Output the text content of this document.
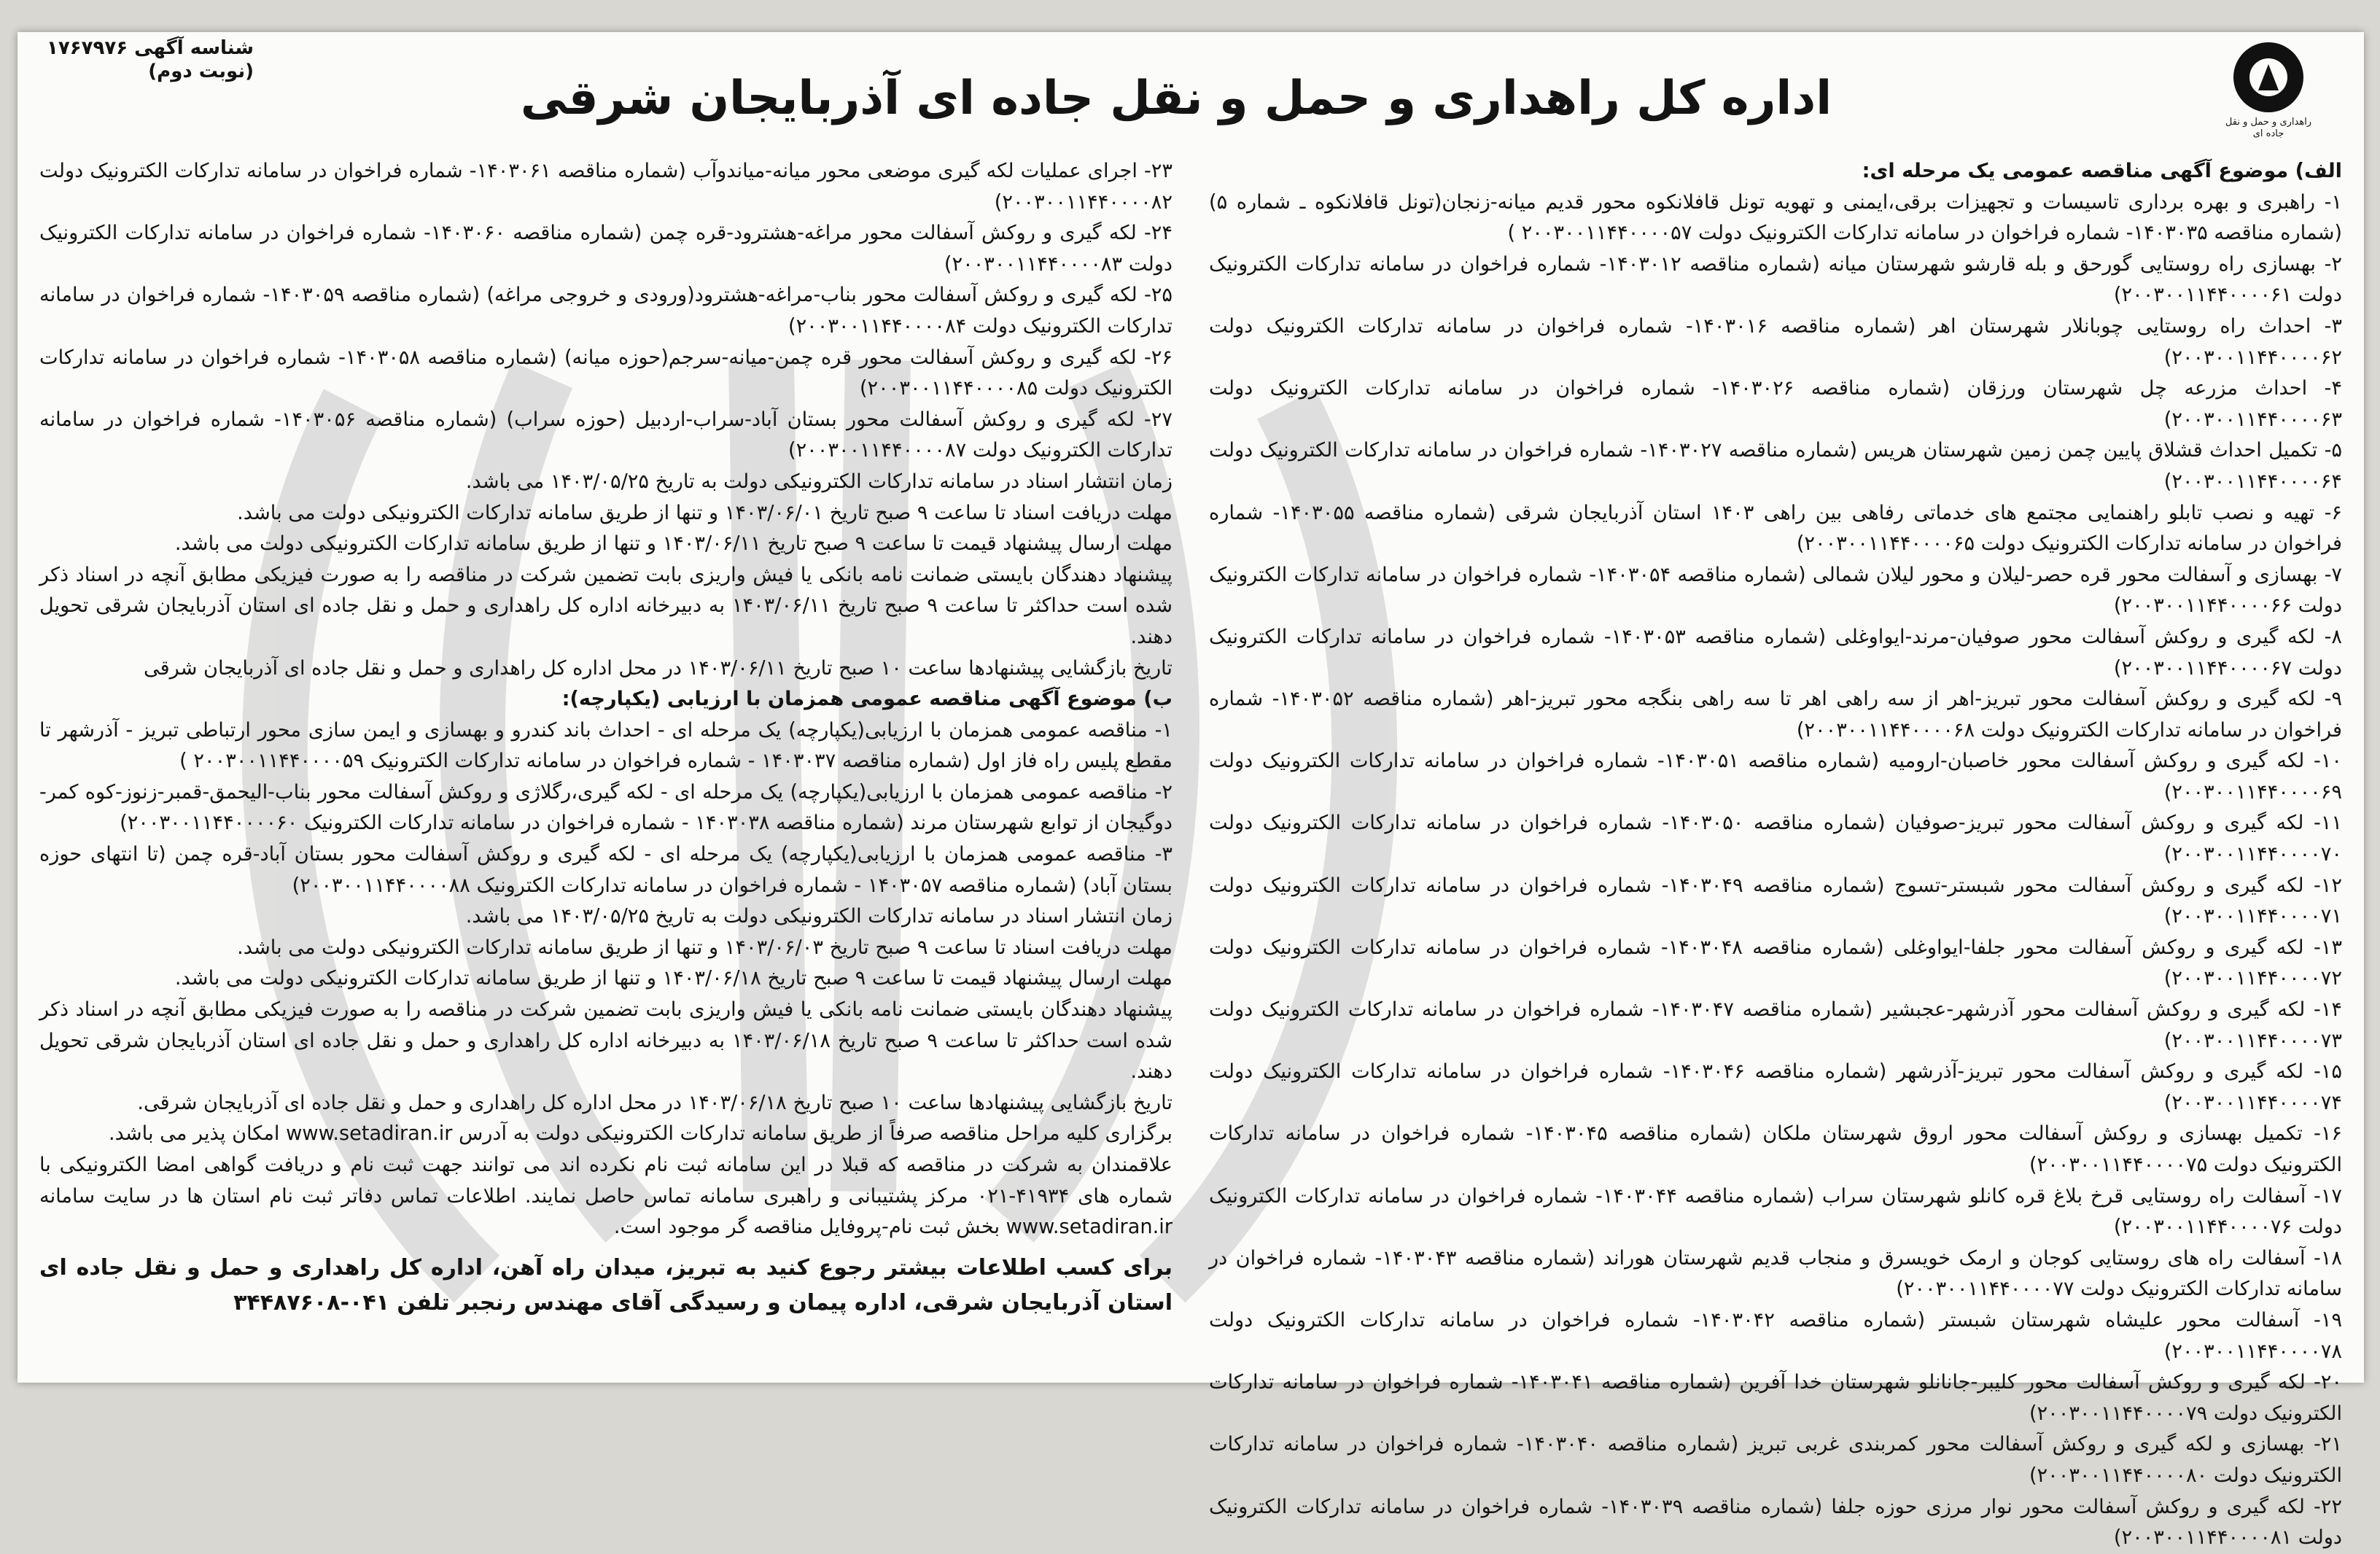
راهداری و حمل و نقل جاده ای
شناسه آگهی ۱۷۶۷۹۷۶
(نوبت دوم)	اداره کل راهداری و حمل و نقل جاده ای آذربایجان شرقی

الف) موضوع آگهی مناقصه عمومی یک مرحله ای:

۱- راهبری و بهره برداری تاسیسات و تجهیزات برقی،ایمنی و تهویه تونل قافلانکوه محور قدیم میانه-زنجان(تونل قافلانکوه ـ شماره ۵) (شماره مناقصه ۱۴۰۳۰۳۵- شماره فراخوان در سامانه تدارکات الکترونیک دولت ۲۰۰۳۰۰۱۱۴۴۰۰۰۰۵۷ )

۲- بهسازی راه روستایی گورحق و بله قارشو شهرستان میانه (شماره مناقصه ۱۴۰۳۰۱۲- شماره فراخوان در سامانه تدارکات الکترونیک دولت ۲۰۰۳۰۰۱۱۴۴۰۰۰۰۶۱)

۳- احداث راه روستایی چوبانلار شهرستان اهر (شماره مناقصه ۱۴۰۳۰۱۶- شماره فراخوان در سامانه تدارکات الکترونیک دولت ۲۰۰۳۰۰۱۱۴۴۰۰۰۰۶۲)

۴- احداث مزرعه چل شهرستان ورزقان (شماره مناقصه ۱۴۰۳۰۲۶- شماره فراخوان در سامانه تدارکات الکترونیک دولت ۲۰۰۳۰۰۱۱۴۴۰۰۰۰۶۳)

۵- تکمیل احداث قشلاق پایین چمن زمین شهرستان هریس (شماره مناقصه ۱۴۰۳۰۲۷- شماره فراخوان در سامانه تدارکات الکترونیک دولت ۲۰۰۳۰۰۱۱۴۴۰۰۰۰۶۴)

۶- تهیه و نصب تابلو راهنمایی مجتمع های خدماتی رفاهی بین راهی ۱۴۰۳ استان آذربایجان شرقی (شماره مناقصه ۱۴۰۳۰۵۵- شماره فراخوان در سامانه تدارکات الکترونیک دولت ۲۰۰۳۰۰۱۱۴۴۰۰۰۰۶۵)

۷- بهسازی و آسفالت محور قره حصر-لیلان و محور لیلان شمالی (شماره مناقصه ۱۴۰۳۰۵۴- شماره فراخوان در سامانه تدارکات الکترونیک دولت ۲۰۰۳۰۰۱۱۴۴۰۰۰۰۶۶)

۸- لکه گیری و روکش آسفالت محور صوفیان-مرند-ایواوغلی (شماره مناقصه ۱۴۰۳۰۵۳- شماره فراخوان در سامانه تدارکات الکترونیک دولت ۲۰۰۳۰۰۱۱۴۴۰۰۰۰۶۷)

۹- لکه گیری و روکش آسفالت محور تبریز-اهر از سه راهی اهر تا سه راهی بنگجه محور تبریز-اهر (شماره مناقصه ۱۴۰۳۰۵۲- شماره فراخوان در سامانه تدارکات الکترونیک دولت ۲۰۰۳۰۰۱۱۴۴۰۰۰۰۶۸)

۱۰- لکه گیری و روکش آسفالت محور خاصبان-ارومیه (شماره مناقصه ۱۴۰۳۰۵۱- شماره فراخوان در سامانه تدارکات الکترونیک دولت ۲۰۰۳۰۰۱۱۴۴۰۰۰۰۶۹)

۱۱- لکه گیری و روکش آسفالت محور تبریز-صوفیان (شماره مناقصه ۱۴۰۳۰۵۰- شماره فراخوان در سامانه تدارکات الکترونیک دولت ۲۰۰۳۰۰۱۱۴۴۰۰۰۰۷۰)

۱۲- لکه گیری و روکش آسفالت محور شبستر-تسوج (شماره مناقصه ۱۴۰۳۰۴۹- شماره فراخوان در سامانه تدارکات الکترونیک دولت ۲۰۰۳۰۰۱۱۴۴۰۰۰۰۷۱)

۱۳- لکه گیری و روکش آسفالت محور جلفا-ایواوغلی (شماره مناقصه ۱۴۰۳۰۴۸- شماره فراخوان در سامانه تدارکات الکترونیک دولت ۲۰۰۳۰۰۱۱۴۴۰۰۰۰۷۲)

۱۴- لکه گیری و روکش آسفالت محور آذرشهر-عجبشیر (شماره مناقصه ۱۴۰۳۰۴۷- شماره فراخوان در سامانه تدارکات الکترونیک دولت ۲۰۰۳۰۰۱۱۴۴۰۰۰۰۷۳)

۱۵- لکه گیری و روکش آسفالت محور تبریز-آذرشهر (شماره مناقصه ۱۴۰۳۰۴۶- شماره فراخوان در سامانه تدارکات الکترونیک دولت ۲۰۰۳۰۰۱۱۴۴۰۰۰۰۷۴)

۱۶- تکمیل بهسازی و روکش آسفالت محور اروق شهرستان ملکان (شماره مناقصه ۱۴۰۳۰۴۵- شماره فراخوان در سامانه تدارکات الکترونیک دولت ۲۰۰۳۰۰۱۱۴۴۰۰۰۰۷۵)

۱۷- آسفالت راه روستایی قرخ بلاغ قره کانلو شهرستان سراب (شماره مناقصه ۱۴۰۳۰۴۴- شماره فراخوان در سامانه تدارکات الکترونیک دولت ۲۰۰۳۰۰۱۱۴۴۰۰۰۰۷۶)

۱۸- آسفالت راه های روستایی کوجان و ارمک خویسرق و منجاب قدیم شهرستان هوراند (شماره مناقصه ۱۴۰۳۰۴۳- شماره فراخوان در سامانه تدارکات الکترونیک دولت ۲۰۰۳۰۰۱۱۴۴۰۰۰۰۷۷)

۱۹- آسفالت محور علیشاه شهرستان شبستر (شماره مناقصه ۱۴۰۳۰۴۲- شماره فراخوان در سامانه تدارکات الکترونیک دولت ۲۰۰۳۰۰۱۱۴۴۰۰۰۰۷۸)

۲۰- لکه گیری و روکش آسفالت محور کلیبر-جانانلو شهرستان خدا آفرین (شماره مناقصه ۱۴۰۳۰۴۱- شماره فراخوان در سامانه تدارکات الکترونیک دولت ۲۰۰۳۰۰۱۱۴۴۰۰۰۰۷۹)

۲۱- بهسازی و لکه گیری و روکش آسفالت محور کمربندی غربی تبریز (شماره مناقصه ۱۴۰۳۰۴۰- شماره فراخوان در سامانه تدارکات الکترونیک دولت ۲۰۰۳۰۰۱۱۴۴۰۰۰۰۸۰)

۲۲- لکه گیری و روکش آسفالت محور نوار مرزی حوزه جلفا (شماره مناقصه ۱۴۰۳۰۳۹- شماره فراخوان در سامانه تدارکات الکترونیک دولت ۲۰۰۳۰۰۱۱۴۴۰۰۰۰۸۱)

۲۳- اجرای عملیات لکه گیری موضعی محور میانه-میاندوآب (شماره مناقصه ۱۴۰۳۰۶۱- شماره فراخوان در سامانه تدارکات الکترونیک دولت ۲۰۰۳۰۰۱۱۴۴۰۰۰۰۸۲)

۲۴- لکه گیری و روکش آسفالت محور مراغه-هشترود-قره چمن (شماره مناقصه ۱۴۰۳۰۶۰- شماره فراخوان در سامانه تدارکات الکترونیک دولت ۲۰۰۳۰۰۱۱۴۴۰۰۰۰۸۳)

۲۵- لکه گیری و روکش آسفالت محور بناب-مراغه-هشترود(ورودی و خروجی مراغه) (شماره مناقصه ۱۴۰۳۰۵۹- شماره فراخوان در سامانه تدارکات الکترونیک دولت ۲۰۰۳۰۰۱۱۴۴۰۰۰۰۸۴)

۲۶- لکه گیری و روکش آسفالت محور قره چمن-میانه-سرجم(حوزه میانه) (شماره مناقصه ۱۴۰۳۰۵۸- شماره فراخوان در سامانه تدارکات الکترونیک دولت ۲۰۰۳۰۰۱۱۴۴۰۰۰۰۸۵)

۲۷- لکه گیری و روکش آسفالت محور بستان آباد-سراب-اردبیل (حوزه سراب) (شماره مناقصه ۱۴۰۳۰۵۶- شماره فراخوان در سامانه تدارکات الکترونیک دولت ۲۰۰۳۰۰۱۱۴۴۰۰۰۰۸۷)

زمان انتشار اسناد در سامانه تدارکات الکترونیکی دولت به تاریخ ۱۴۰۳/۰۵/۲۵ می باشد.

مهلت دریافت اسناد تا ساعت ۹ صبح تاریخ ۱۴۰۳/۰۶/۰۱ و تنها از طریق سامانه تدارکات الکترونیکی دولت می باشد.

مهلت ارسال پیشنهاد قیمت تا ساعت ۹ صبح تاریخ ۱۴۰۳/۰۶/۱۱ و تنها از طریق سامانه تدارکات الکترونیکی دولت می باشد.

پیشنهاد دهندگان بایستی ضمانت نامه بانکی یا فیش واریزی بابت تضمین شرکت در مناقصه را به صورت فیزیکی مطابق آنچه در اسناد ذکر شده است حداکثر تا ساعت ۹ صبح تاریخ ۱۴۰۳/۰۶/۱۱ به دبیرخانه اداره کل راهداری و حمل و نقل جاده ای استان آذربایجان شرقی تحویل دهند.

تاریخ بازگشایی پیشنهادها ساعت ۱۰ صبح تاریخ ۱۴۰۳/۰۶/۱۱ در محل اداره کل راهداری و حمل و نقل جاده ای آذربایجان شرقی

ب) موضوع آگهی مناقصه عمومی همزمان با ارزیابی (یکپارچه):

۱- مناقصه عمومی همزمان با ارزیابی(یکپارچه) یک مرحله ای - احداث باند کندرو و بهسازی و ایمن سازی محور ارتباطی تبریز - آذرشهر تا مقطع پلیس راه فاز اول (شماره مناقصه ۱۴۰۳۰۳۷ - شماره فراخوان در سامانه تدارکات الکترونیک ۲۰۰۳۰۰۱۱۴۴۰۰۰۰۵۹ )

۲- مناقصه عمومی همزمان با ارزیابی(یکپارچه) یک مرحله ای - لکه گیری،رگلاژی و روکش آسفالت محور بناب-الیحمق-قمبر-زنوز-کوه کمر-دوگیجان از توابع شهرستان مرند (شماره مناقصه ۱۴۰۳۰۳۸ - شماره فراخوان در سامانه تدارکات الکترونیک ۲۰۰۳۰۰۱۱۴۴۰۰۰۰۶۰)

۳- مناقصه عمومی همزمان با ارزیابی(یکپارچه) یک مرحله ای - لکه گیری و روکش آسفالت محور بستان آباد-قره چمن (تا انتهای حوزه بستان آباد) (شماره مناقصه ۱۴۰۳۰۵۷ - شماره فراخوان در سامانه تدارکات الکترونیک ۲۰۰۳۰۰۱۱۴۴۰۰۰۰۸۸)

زمان انتشار اسناد در سامانه تدارکات الکترونیکی دولت به تاریخ ۱۴۰۳/۰۵/۲۵ می باشد.

مهلت دریافت اسناد تا ساعت ۹ صبح تاریخ ۱۴۰۳/۰۶/۰۳ و تنها از طریق سامانه تدارکات الکترونیکی دولت می باشد.

مهلت ارسال پیشنهاد قیمت تا ساعت ۹ صبح تاریخ ۱۴۰۳/۰۶/۱۸ و تنها از طریق سامانه تدارکات الکترونیکی دولت می باشد.

پیشنهاد دهندگان بایستی ضمانت نامه بانکی یا فیش واریزی بابت تضمین شرکت در مناقصه را به صورت فیزیکی مطابق آنچه در اسناد ذکر شده است حداکثر تا ساعت ۹ صبح تاریخ ۱۴۰۳/۰۶/۱۸ به دبیرخانه اداره کل راهداری و حمل و نقل جاده ای استان آذربایجان شرقی تحویل دهند.

تاریخ بازگشایی پیشنهادها ساعت ۱۰ صبح تاریخ ۱۴۰۳/۰۶/۱۸ در محل اداره کل راهداری و حمل و نقل جاده ای آذربایجان شرقی.

برگزاری کلیه مراحل مناقصه صرفاً از طریق سامانه تدارکات الکترونیکی دولت به آدرس www.setadiran.ir امکان پذیر می باشد.

علاقمندان به شرکت در مناقصه که قبلا در این سامانه ثبت نام نکرده اند می توانند جهت ثبت نام و دریافت گواهی امضا الکترونیکی با شماره های ۴۱۹۳۴-۰۲۱ مرکز پشتیبانی و راهبری سامانه تماس حاصل نمایند. اطلاعات تماس دفاتر ثبت نام استان ها در سایت سامانه www.setadiran.ir بخش ثبت نام-پروفایل مناقصه گر موجود است.

برای کسب اطلاعات بیشتر رجوع کنید به تبریز، میدان راه آهن، اداره کل راهداری و حمل و نقل جاده ای استان آذربایجان شرقی، اداره پیمان و رسیدگی آقای مهندس رنجبر تلفن ۰۴۱-۳۴۴۸۷۶۰۸
